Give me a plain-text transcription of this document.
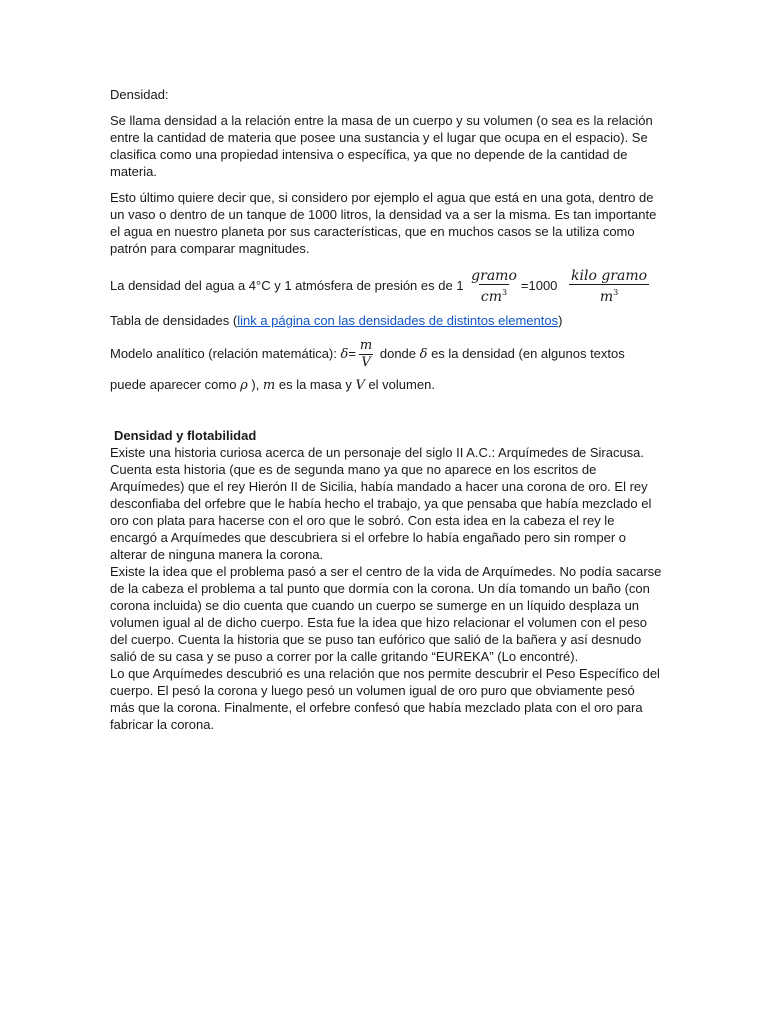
Densidad:

Se llama densidad a la relación entre la masa de un cuerpo y su volumen (o sea es la relación entre la cantidad de materia que posee una sustancia y el lugar que ocupa en el espacio). Se clasifica como una propiedad intensiva o específica, ya que no depende de la cantidad de materia.

Esto último quiere decir que, si considero por ejemplo el agua que está en una gota, dentro de un vaso o dentro de un tanque de 1000 litros, la densidad va a ser la misma. Es tan importante el agua en nuestro planeta por sus características, que en muchos casos se la utiliza como patrón para comparar magnitudes.

La densidad del agua a 4°C y 1 atmósfera de presión es de $1 \frac{\text{gramo}}{cm^3} =1000 \frac{\text{kilo gramo}}{m^3}$

Tabla de densidades (link a página con las densidades de distintos elementos)

Modelo analítico (relación matemática): $\delta= \frac{m}{V}$ donde δ es la densidad (en algunos textos puede aparecer como ρ ), m es la masa y V el volumen.

Densidad y flotabilidad

Existe una historia curiosa acerca de un personaje del siglo II A.C.: Arquímedes de Siracusa. Cuenta esta historia (que es de segunda mano ya que no aparece en los escritos de Arquímedes) que el rey Hierón II de Sicilia, había mandado a hacer una corona de oro. El rey desconfiaba del orfebre que le había hecho el trabajo, ya que pensaba que había mezclado el oro con plata para hacerse con el oro que le sobró. Con esta idea en la cabeza el rey le encargó a Arquímedes que descubriera si el orfebre lo había engañado pero sin romper o alterar de ninguna manera la corona.

Existe la idea que el problema pasó a ser el centro de la vida de Arquímedes. No podía sacarse de la cabeza el problema a tal punto que dormía con la corona. Un día tomando un baño (con corona incluida) se dio cuenta que cuando un cuerpo se sumerge en un líquido desplaza un volumen igual al de dicho cuerpo. Esta fue la idea que hizo relacionar el volumen con el peso del cuerpo. Cuenta la historia que se puso tan eufórico que salió de la bañera y así desnudo salió de su casa y se puso a correr por la calle gritando “EUREKA” (Lo encontré).

Lo que Arquímedes descubrió es una relación que nos permite descubrir el Peso Específico del cuerpo. El pesó la corona y luego pesó un volumen igual de oro puro que obviamente pesó más que la corona. Finalmente, el orfebre confesó que había mezclado plata con el oro para fabricar la corona.
